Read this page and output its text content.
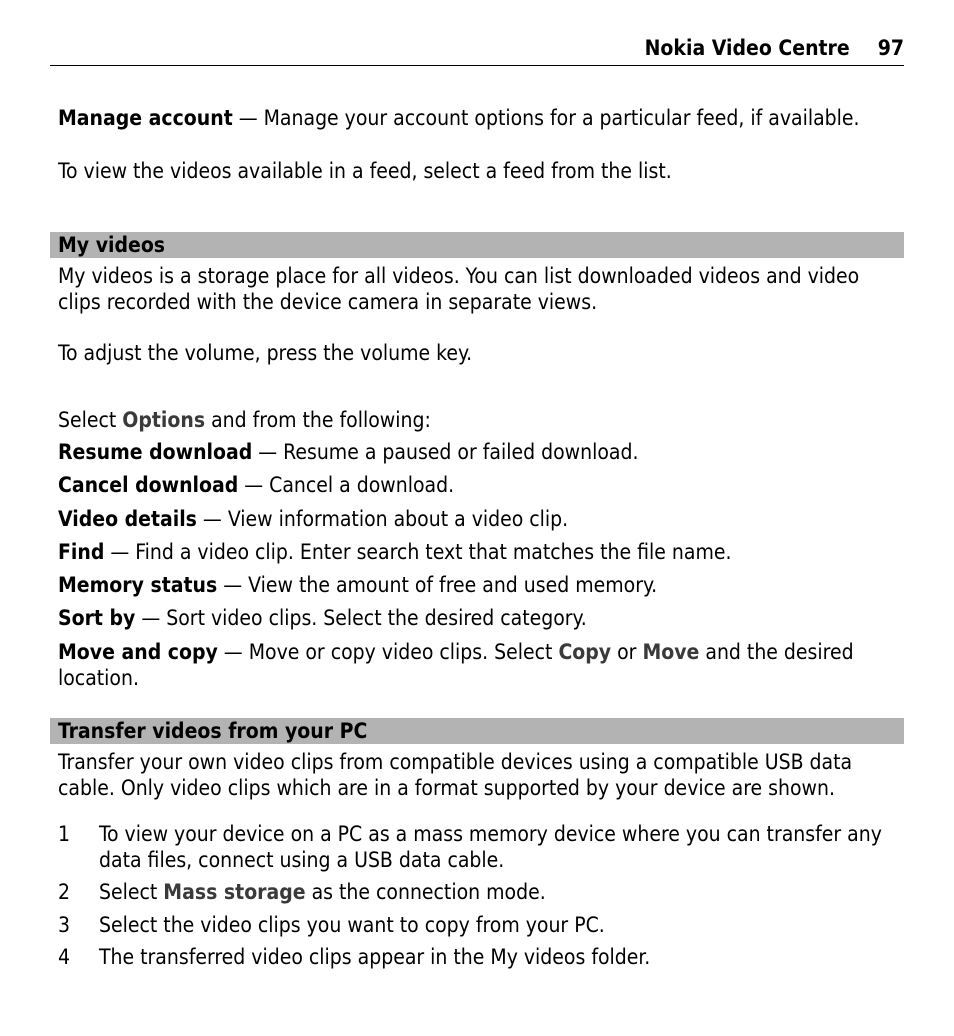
Nokia Video Centre 97
Manage account — Manage your account options for a particular feed, if available.
To view the videos available in a feed, select a feed from the list.
My videos
My videos is a storage place for all videos. You can list downloaded videos and video clips recorded with the device camera in separate views.
To adjust the volume, press the volume key.
Select Options and from the following:
Resume download — Resume a paused or failed download.
Cancel download — Cancel a download.
Video details — View information about a video clip.
Find — Find a video clip. Enter search text that matches the file name.
Memory status — View the amount of free and used memory.
Sort by — Sort video clips. Select the desired category.
Move and copy — Move or copy video clips. Select Copy or Move and the desired location.
Transfer videos from your PC
Transfer your own video clips from compatible devices using a compatible USB data cable. Only video clips which are in a format supported by your device are shown.
1 To view your device on a PC as a mass memory device where you can transfer any data files, connect using a USB data cable.
2 Select Mass storage as the connection mode.
3 Select the video clips you want to copy from your PC.
4 The transferred video clips appear in the My videos folder.
